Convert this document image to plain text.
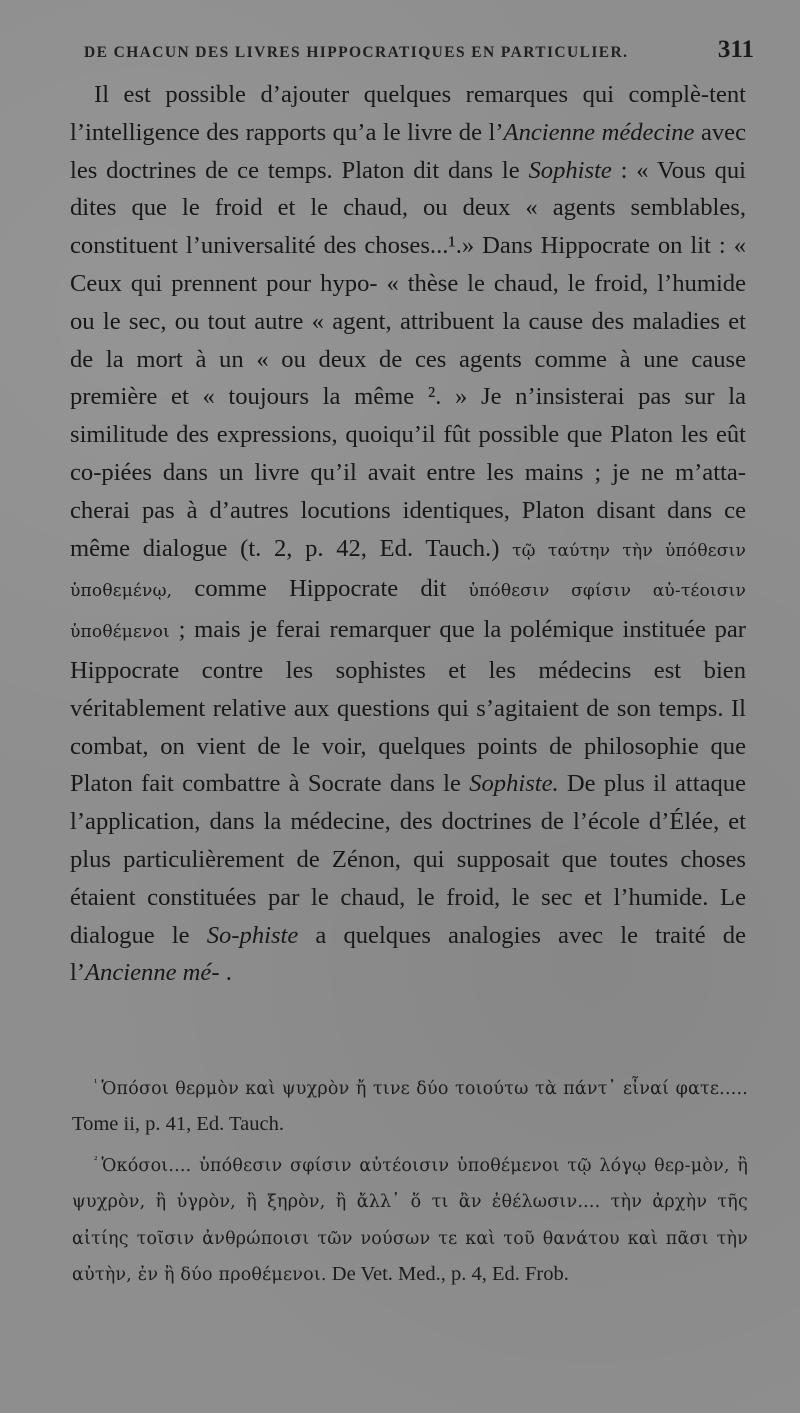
DE CHACUN DES LIVRES HIPPOCRATIQUES EN PARTICULIER.	311

Il est possible d’ajouter quelques remarques qui complè-tent l’intelligence des rapports qu’a le livre de l’Ancienne médecine avec les doctrines de ce temps. Platon dit dans le Sophiste : « Vous qui dites que le froid et le chaud, ou deux « agents semblables, constituent l’universalité des choses...¹.» Dans Hippocrate on lit : « Ceux qui prennent pour hypo- « thèse le chaud, le froid, l’humide ou le sec, ou tout autre « agent, attribuent la cause des maladies et de la mort à un « ou deux de ces agents comme à une cause première et « toujours la même ². » Je n’insisterai pas sur la similitude des expressions, quoiqu’il fût possible que Platon les eût co-piées dans un livre qu’il avait entre les mains ; je ne m’atta-cherai pas à d’autres locutions identiques, Platon disant dans ce même dialogue (t. 2, p. 42, Ed. Tauch.) τῷ ταύτην τὴν ὑπόθεσιν ὑποθεμένῳ, comme Hippocrate dit ὑπόθεσιν σφίσιν αὐ-τέοισιν ὑποθέμενοι ; mais je ferai remarquer que la polémique instituée par Hippocrate contre les sophistes et les médecins est bien véritablement relative aux questions qui s’agitaient de son temps. Il combat, on vient de le voir, quelques points de philosophie que Platon fait combattre à Socrate dans le Sophiste. De plus il attaque l’application, dans la médecine, des doctrines de l’école d’Élée, et plus particulièrement de Zénon, qui supposait que toutes choses étaient constituées par le chaud, le froid, le sec et l’humide. Le dialogue le So-phiste a quelques analogies avec le traité de l’Ancienne mé- .

$^{^1}$ Ὁπόσοι θερμὸν καὶ ψυχρὸν ἤ τινε δύο τοιούτω τὰ πάντ᾽ εἶναί φατε..... Tome ii, p. 41, Ed. Tauch.

$^{^2}$ Ὁκόσοι.... ὑπόθεσιν σφίσιν αὐτέοισιν ὑποθέμενοι τῷ λόγῳ θερ-μὸν, ἢ ψυχρὸν, ἢ ὑγρὸν, ἢ ξηρὸν, ἢ ἄλλ᾽ ὅ τι ἂν ἐθέλωσιν.... τὴν ἀρχὴν τῆς αἰτίης τοῖσιν ἀνθρώποισι τῶν νούσων τε καὶ τοῦ θανάτου καὶ πᾶσι τὴν αὐτὴν, ἐν ἢ δύο προθέμενοι. De Vet. Med., p. 4, Ed. Frob.
